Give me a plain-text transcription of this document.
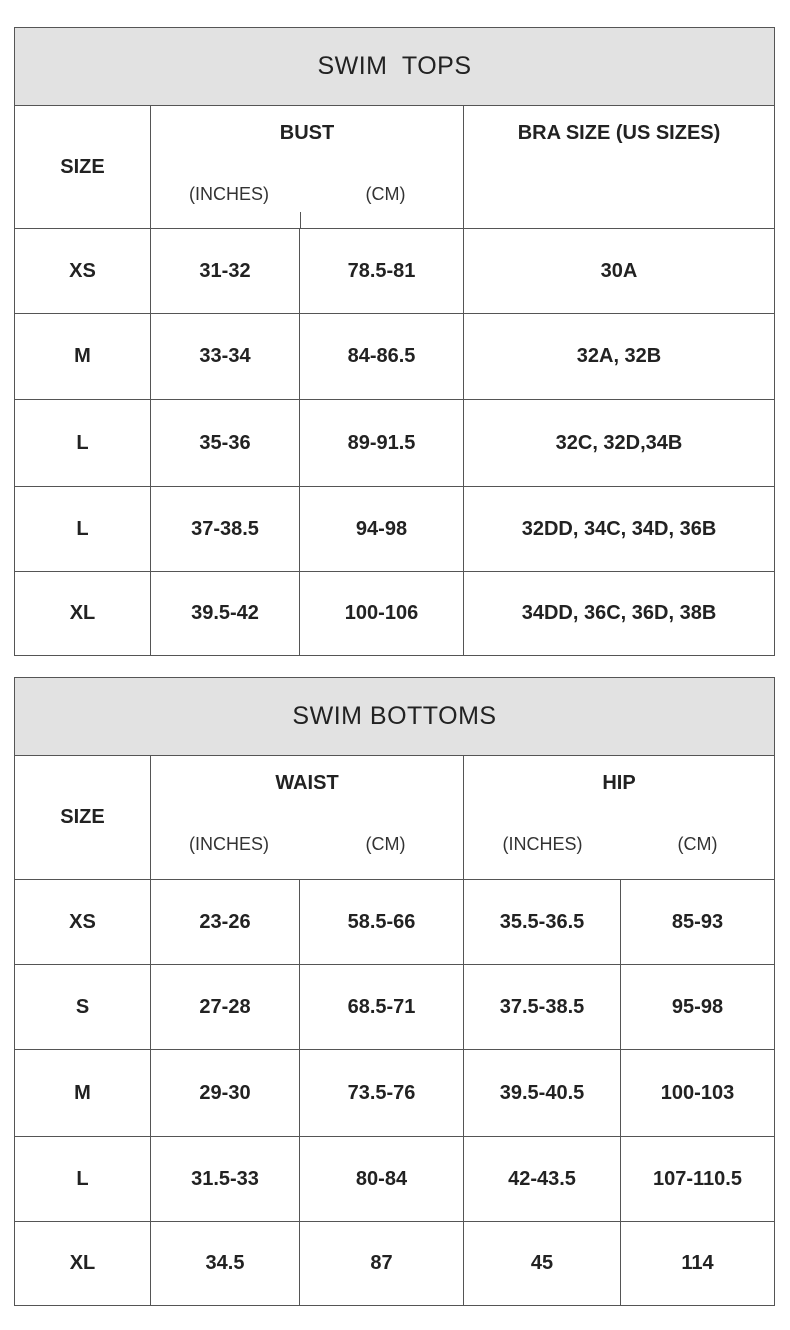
SWIM  TOPS
SIZE
BUST
(INCHES)	(CM)
BRA SIZE (US SIZES)
XS	31-32	78.5-81	30A
M	33-34	84-86.5	32A, 32B
L	35-36	89-91.5	32C, 32D,34B
L	37-38.5	94-98	32DD, 34C, 34D, 36B
XL	39.5-42	100-106	34DD, 36C, 36D, 38B
SWIM BOTTOMS
SIZE
WAIST
(INCHES)	(CM)
HIP
(INCHES)	(CM)
XS	23-26	58.5-66	35.5-36.5	85-93
S	27-28	68.5-71	37.5-38.5	95-98
M	29-30	73.5-76	39.5-40.5	100-103
L	31.5-33	80-84	42-43.5	107-110.5
XL	34.5	87	45	114
